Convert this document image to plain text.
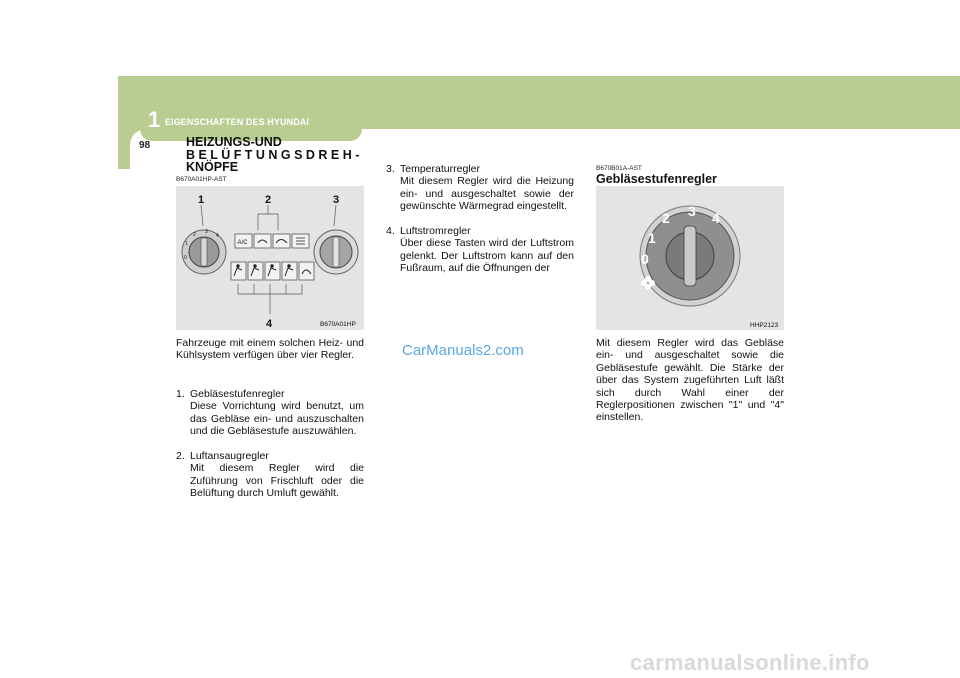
1 EIGENSCHAFTEN DES HYUNDAI
98	HEIZUNGS-UND
B E L Ü F T U N G S D R E H -
KNÖPFE
B670A01HP-AST
1	2	3
4
0
1
2 3
4
A/C
B670A01HP
Fahrzeuge mit einem solchen Heiz- und Kühlsystem verfügen über vier Regler.
1. Gebläsestufenregler
Diese Vorrichtung wird benutzt, um das Gebläse ein- und auszuschalten und die Gebläsestufe auszuwählen.
2. Luftansaugregler
Mit diesem Regler wird die Zuführung von Frischluft oder die Belüftung durch Umluft gewählt.
3. Temperaturregler
Mit diesem Regler wird die Heizung ein- und ausgeschaltet sowie der gewünschte Wärmegrad eingestellt.
4. Luftstromregler
Über diese Tasten wird der Luftstrom gelenkt. Der Luftstrom kann auf den Fußraum, auf die Öffnungen der
CarManuals2.com
B670B01A-AST
Gebläsestufenregler
0
1
2 3 4
HHP2123
Mit diesem Regler wird das Gebläse ein- und ausgeschaltet sowie die Gebläsestufe gewählt. Die Stärke der über das System zugeführten Luft läßt sich durch Wahl einer der Reglerpositionen zwischen "1" und "4" einstellen.
carmanualsonline.info
